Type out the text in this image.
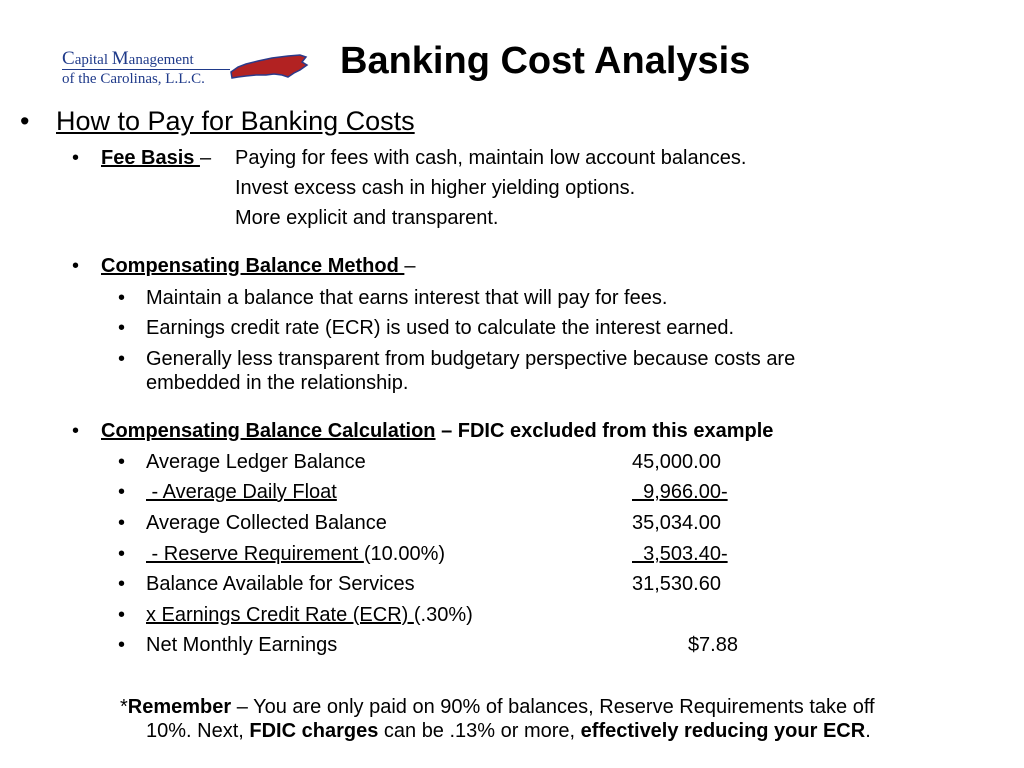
Capital Management
of the Carolinas, L.L.C.	Banking Cost Analysis
• How to Pay for Banking Costs
• Fee Basis – Paying for fees with cash, maintain low account balances.
Invest excess cash in higher yielding options.
More explicit and transparent.
• Compensating Balance Method –
• Maintain a balance that earns interest that will pay for fees.
• Earnings credit rate (ECR) is used to calculate the interest earned.
• Generally less transparent from budgetary perspective because costs are
embedded in the relationship.
• Compensating Balance Calculation – FDIC excluded from this example
• Average Ledger Balance	45,000.00
• - Average Daily Float	9,966.00-
• Average Collected Balance	35,034.00
• - Reserve Requirement (10.00%)	3,503.40-
• Balance Available for Services	31,530.60
• x Earnings Credit Rate (ECR) (.30%)
• Net Monthly Earnings	$7.88
*Remember – You are only paid on 90% of balances, Reserve Requirements take off
10%. Next, FDIC charges can be .13% or more, effectively reducing your ECR.
